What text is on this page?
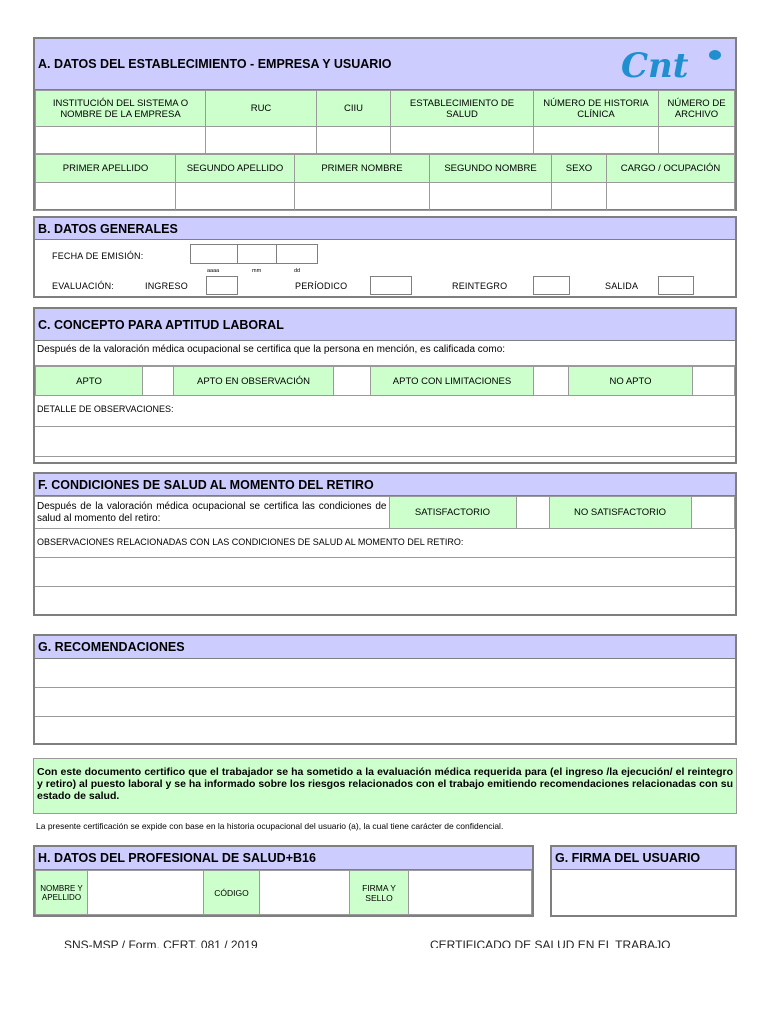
A. DATOS DEL ESTABLECIMIENTO - EMPRESA Y USUARIO	Cnt
INSTITUCIÓN DEL SISTEMA O NOMBRE DE LA EMPRESA	RUC	CIIU	ESTABLECIMIENTO DE SALUD	NÚMERO DE HISTORIA CLÍNICA	NÚMERO DE ARCHIVO

PRIMER APELLIDO	SEGUNDO APELLIDO	PRIMER NOMBRE	SEGUNDO NOMBRE	SEXO	CARGO / OCUPACIÓN

B. DATOS GENERALES
FECHA DE EMISIÓN:
aaaa	mm	dd
EVALUACIÓN:	INGRESO	PERÍODICO	REINTEGRO	SALIDA
C. CONCEPTO PARA APTITUD LABORAL
Después de la valoración médica ocupacional se certifica que la persona en mención, es calificada como:
APTO		APTO EN OBSERVACIÓN		APTO CON LIMITACIONES		NO APTO	
DETALLE DE OBSERVACIONES:
F. CONDICIONES DE SALUD AL MOMENTO DEL RETIRO
Después de la valoración médica ocupacional se certifica las condiciones de salud al momento del retiro:	SATISFACTORIO		NO SATISFACTORIO	
OBSERVACIONES RELACIONADAS CON LAS CONDICIONES DE SALUD AL MOMENTO DEL RETIRO:
G. RECOMENDACIONES
Con este documento certifico que el trabajador se ha sometido a la evaluación médica requerida para (el ingreso /la ejecución/ el reintegro y retiro) al puesto laboral y se ha informado sobre los riesgos relacionados con el trabajo emitiendo recomendaciones relacionadas con su estado de salud.
La presente certificación se expide con base en la historia ocupacional del usuario (a), la cual tiene carácter de confidencial.
H. DATOS DEL PROFESIONAL DE SALUD+B16
NOMBRE Y APELLIDO		CÓDIGO		FIRMA Y SELLO	
G. FIRMA DEL USUARIO
SNS-MSP / Form. CERT. 081 / 2019	CERTIFICADO DE SALUD EN EL TRABAJO
